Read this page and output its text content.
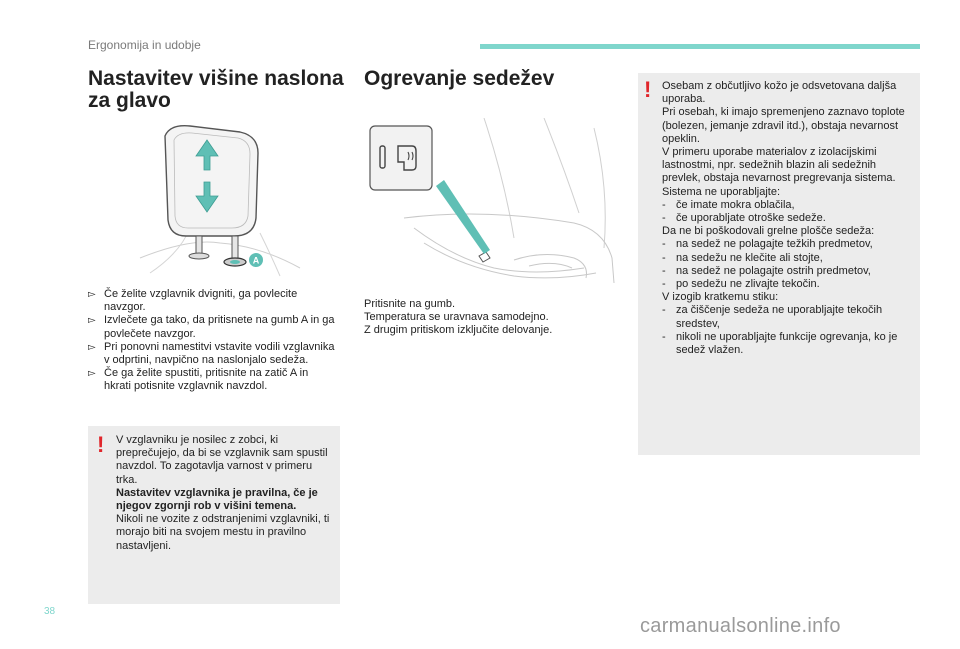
Ergonomija in udobje
Nastavitev višine naslona
za glavo
A
▻ Če želite vzglavnik dvigniti, ga povlecite navzgor.
▻ Izvlečete ga tako, da pritisnete na gumb A in ga povlečete navzgor.
▻ Pri ponovni namestitvi vstavite vodili vzglavnika v odprtini, navpično na naslonjalo sedeža.
▻ Če ga želite spustiti, pritisnite na zatič A in hkrati potisnite vzglavnik navzdol.
! V vzglavniku je nosilec z zobci, ki preprečujejo, da bi se vzglavnik sam spustil navzdol. To zagotavlja varnost v primeru trka.

Nastavitev vzglavnika je pravilna, če je njegov zgornji rob v višini temena.

Nikoli ne vozite z odstranjenimi vzglavniki, ti morajo biti na svojem mestu in pravilno nastavljeni.

Ogrevanje sedežev
Pritisnite na gumb.
Temperatura se uravnava samodejno.
Z drugim pritiskom izključite delovanje.
! Osebam z občutljivo kožo je odsvetovana daljša uporaba.

Pri osebah, ki imajo spremenjeno zaznavo toplote (bolezen, jemanje zdravil itd.), obstaja nevarnost opeklin.

V primeru uporabe materialov z izolacijskimi lastnostmi, npr. sedežnih blazin ali sedežnih prevlek, obstaja nevarnost pregrevanja sistema.

Sistema ne uporabljajte:

- če imate mokra oblačila,
- če uporabljate otroške sedeže.

Da ne bi poškodovali grelne plošče sedeža:

- na sedež ne polagajte težkih predmetov,
- na sedežu ne klečite ali stojte,
- na sedež ne polagajte ostrih predmetov,
- po sedežu ne zlivajte tekočin.

V izogib kratkemu stiku:

- za čiščenje sedeža ne uporabljajte tekočih sredstev,
- nikoli ne uporabljajte funkcije ogrevanja, ko je sedež vlažen.
38
carmanualsonline.info
